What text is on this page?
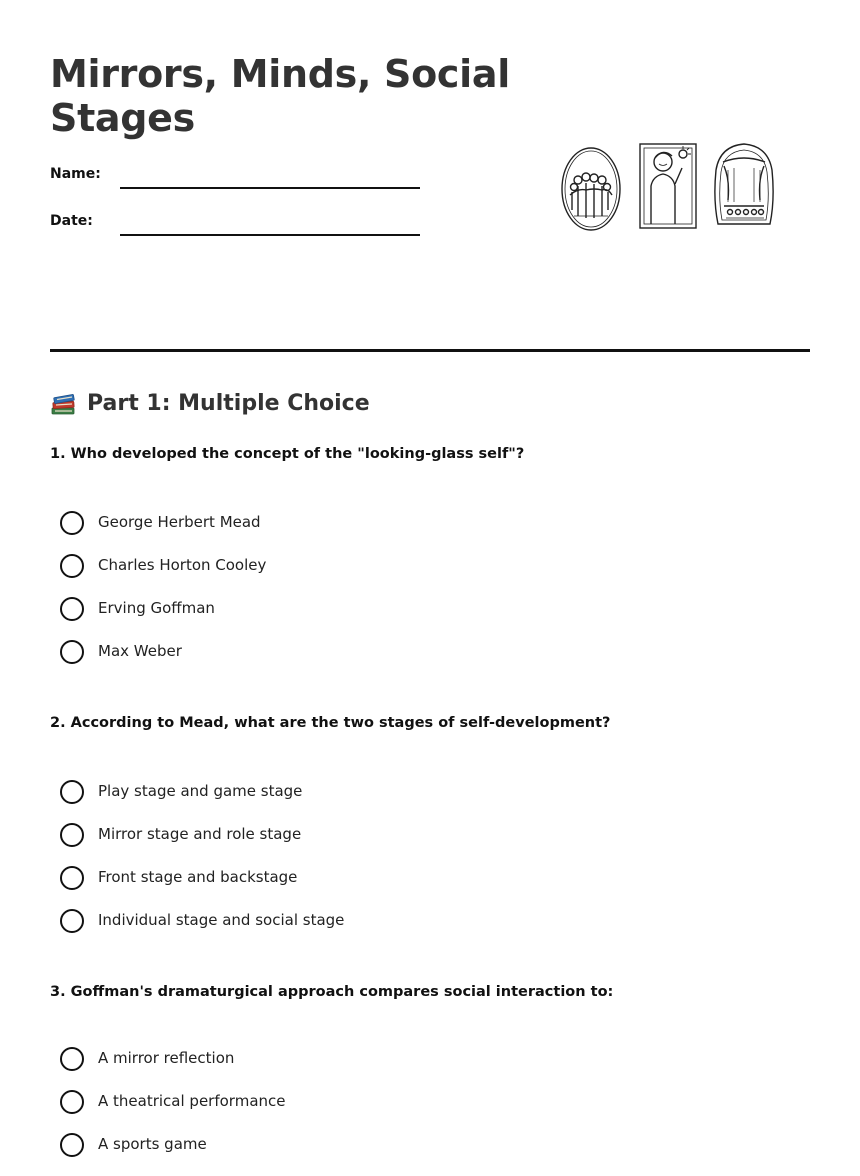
Mirrors, Minds, Social Stages
Name:
Date:
Part 1: Multiple Choice

1. Who developed the concept of the "looking-glass self"?

George Herbert Mead
Charles Horton Cooley
Erving Goffman
Max Weber

2. According to Mead, what are the two stages of self-development?

Play stage and game stage
Mirror stage and role stage
Front stage and backstage
Individual stage and social stage

3. Goffman's dramaturgical approach compares social interaction to:

A mirror reflection
A theatrical performance
A sports game
